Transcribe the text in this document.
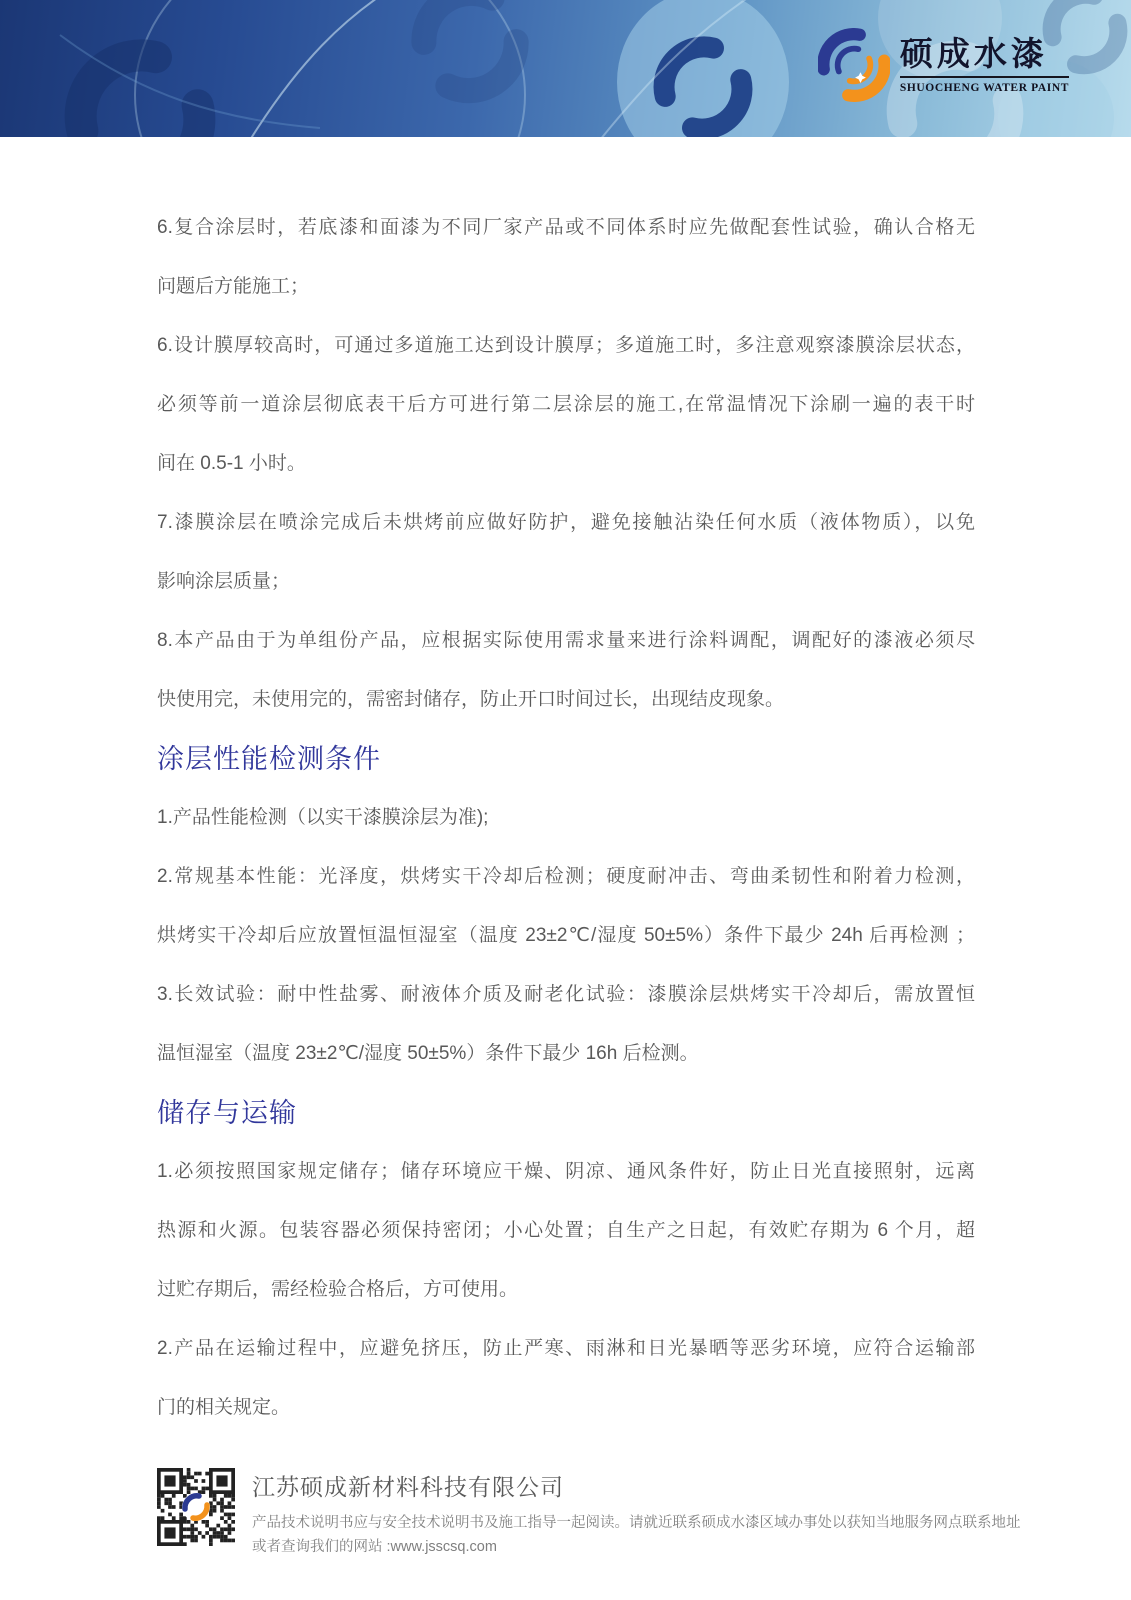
硕成水漆
SHUOCHENG WATER PAINT
6.复合涂层时，若底漆和面漆为不同厂家产品或不同体系时应先做配套性试验，确认合格无
问题后方能施工；
6.设计膜厚较高时，可通过多道施工达到设计膜厚；多道施工时，多注意观察漆膜涂层状态，
必须等前一道涂层彻底表干后方可进行第二层涂层的施工,在常温情况下涂刷一遍的表干时
间在 0.5-1 小时。
7.漆膜涂层在喷涂完成后未烘烤前应做好防护，避免接触沾染任何水质（液体物质），以免
影响涂层质量；
8.本产品由于为单组份产品，应根据实际使用需求量来进行涂料调配，调配好的漆液必须尽
快使用完，未使用完的，需密封储存，防止开口时间过长，出现结皮现象。
涂层性能检测条件
1.产品性能检测（以实干漆膜涂层为准);
2.常规基本性能：光泽度，烘烤实干冷却后检测；硬度耐冲击、弯曲柔韧性和附着力检测，
烘烤实干冷却后应放置恒温恒湿室（温度 23±2℃/湿度 50±5%）条件下最少 24h 后再检测 ；
3.长效试验：耐中性盐雾、耐液体介质及耐老化试验：漆膜涂层烘烤实干冷却后，需放置恒
温恒湿室（温度 23±2℃/湿度 50±5%）条件下最少 16h 后检测。
储存与运输
1.必须按照国家规定储存；储存环境应干燥、阴凉、通风条件好，防止日光直接照射，远离
热源和火源。包装容器必须保持密闭；小心处置；自生产之日起，有效贮存期为 6 个月，超
过贮存期后，需经检验合格后，方可使用。
2.产品在运输过程中，应避免挤压，防止严寒、雨淋和日光暴晒等恶劣环境，应符合运输部
门的相关规定。
江苏硕成新材料科技有限公司
产品技术说明书应与安全技术说明书及施工指导一起阅读。请就近联系硕成水漆区域办事处以获知当地服务网点联系地址
或者查询我们的网站 :www.jsscsq.com
